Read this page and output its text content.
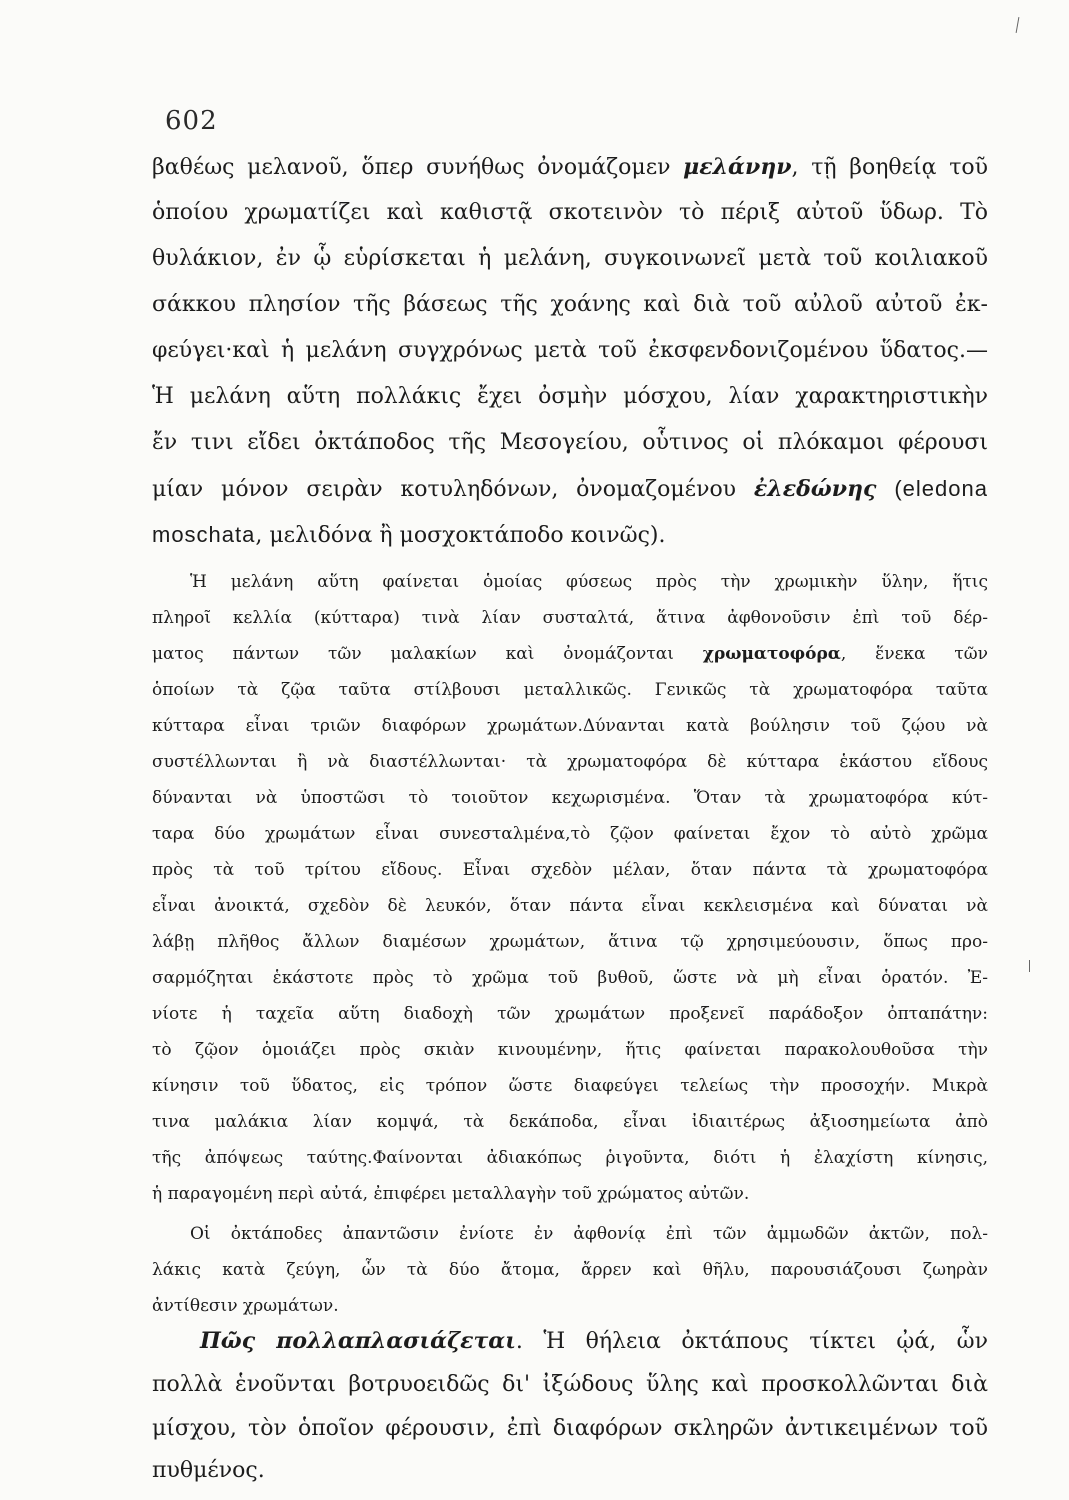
602
βαθέως μελανοῦ, ὅπερ συνήθως ὀνομάζομεν μελάνην, τῇ βοηθείᾳ τοῦ
ὁποίου χρωματίζει καὶ καθιστᾷ σκοτεινὸν τὸ πέριξ αὐτοῦ ὕδωρ. Τὸ
θυλάκιον, ἐν ᾧ εὑρίσκεται ἡ μελάνη, συγκοινωνεῖ μετὰ τοῦ κοιλιακοῦ
σάκκου πλησίον τῆς βάσεως τῆς χοάνης καὶ διὰ τοῦ αὐλοῦ αὐτοῦ ἐκ-
φεύγει·καὶ ἡ μελάνη συγχρόνως μετὰ τοῦ ἐκσφενδονιζομένου ὕδατος.—
Ἡ μελάνη αὕτη πολλάκις ἔχει ὀσμὴν μόσχου, λίαν χαρακτηριστικὴν
ἔν τινι εἴδει ὀκτάποδος τῆς Μεσογείου, οὗτινος οἱ πλόκαμοι φέρουσι
μίαν μόνον σειρὰν κοτυληδόνων, ὀνομαζομένου ἐλεδώνης (eledona
moschata, μελιδόνα ἢ μοσχοκτάποδο κοινῶς).
Ἡ μελάνη αὕτη φαίνεται ὁμοίας φύσεως πρὸς τὴν χρωμικὴν ὕλην, ἥτις
πληροῖ κελλία (κύτταρα) τινὰ λίαν συσταλτά, ἅτινα ἀφθονοῦσιν ἐπὶ τοῦ δέρ-
ματος πάντων τῶν μαλακίων καὶ ὀνομάζονται χρωματοφόρα, ἕνεκα τῶν
ὁποίων τὰ ζῷα ταῦτα στίλβουσι μεταλλικῶς. Γενικῶς τὰ χρωματοφόρα ταῦτα
κύτταρα εἶναι τριῶν διαφόρων χρωμάτων.Δύνανται κατὰ βούλησιν τοῦ ζῴου νὰ
συστέλλωνται ἢ νὰ διαστέλλωνται· τὰ χρωματοφόρα δὲ κύτταρα ἑκάστου εἴδους
δύνανται νὰ ὑποστῶσι τὸ τοιοῦτον κεχωρισμένα. Ὅταν τὰ χρωματοφόρα κύτ-
ταρα δύο χρωμάτων εἶναι συνεσταλμένα,τὸ ζῷον φαίνεται ἔχον τὸ αὐτὸ χρῶμα
πρὸς τὰ τοῦ τρίτου εἴδους. Εἶναι σχεδὸν μέλαν, ὅταν πάντα τὰ χρωματοφόρα
εἶναι ἀνοικτά, σχεδὸν δὲ λευκόν, ὅταν πάντα εἶναι κεκλεισμένα καὶ δύναται νὰ
λάβῃ πλῆθος ἄλλων διαμέσων χρωμάτων, ἅτινα τῷ χρησιμεύουσιν, ὅπως προ-
σαρμόζηται ἑκάστοτε πρὸς τὸ χρῶμα τοῦ βυθοῦ, ὥστε νὰ μὴ εἶναι ὁρατόν. Ἐ-
νίοτε ἡ ταχεῖα αὕτη διαδοχὴ τῶν χρωμάτων προξενεῖ παράδοξον ὀπταπάτην:
τὸ ζῷον ὁμοιάζει πρὸς σκιὰν κινουμένην, ἥτις φαίνεται παρακολουθοῦσα τὴν
κίνησιν τοῦ ὕδατος, εἰς τρόπον ὥστε διαφεύγει τελείως τὴν προσοχήν. Μικρὰ
τινα μαλάκια λίαν κομψά, τὰ δεκάποδα, εἶναι ἰδιαιτέρως ἀξιοσημείωτα ἀπὸ
τῆς ἀπόψεως ταύτης.Φαίνονται ἀδιακόπως ῥιγοῦντα, διότι ἡ ἐλαχίστη κίνησις,
ἡ παραγομένη περὶ αὐτά, ἐπιφέρει μεταλλαγὴν τοῦ χρώματος αὐτῶν.
Οἱ ὀκτάποδες ἀπαντῶσιν ἐνίοτε ἐν ἀφθονίᾳ ἐπὶ τῶν ἀμμωδῶν ἀκτῶν, πολ-
λάκις κατὰ ζεύγη, ὧν τὰ δύο ἄτομα, ἄρρεν καὶ θῆλυ, παρουσιάζουσι ζωηρὰν
ἀντίθεσιν χρωμάτων.
Πῶς πολλαπλασιάζεται. Ἡ θήλεια ὀκτάπους τίκτει ᾠά, ὧν
πολλὰ ἑνοῦνται βοτρυοειδῶς δι' ἰξώδους ὕλης καὶ προσκολλῶνται διὰ
μίσχου, τὸν ὁποῖον φέρουσιν, ἐπὶ διαφόρων σκληρῶν ἀντικειμένων τοῦ
πυθμένος.
